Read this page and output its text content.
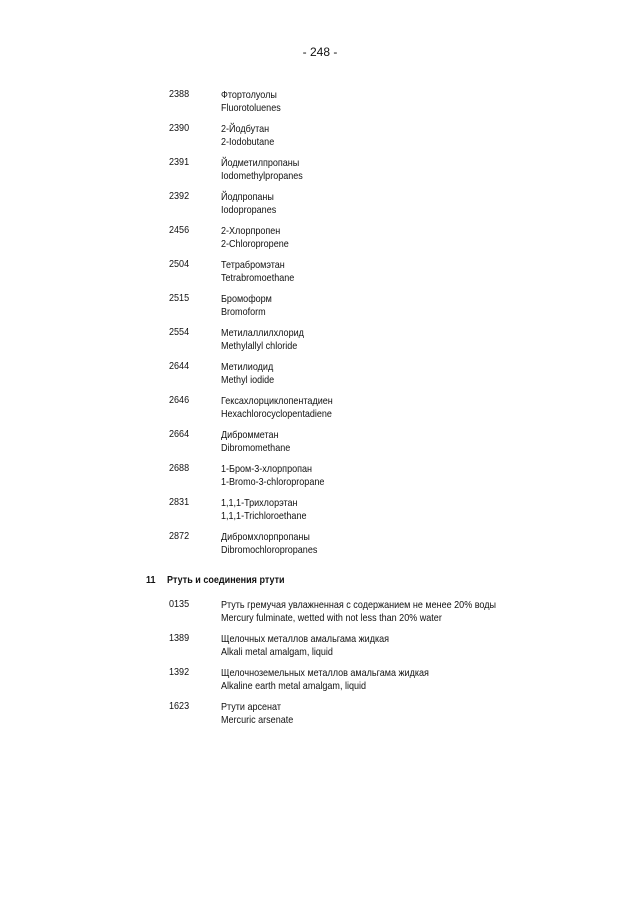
- 248 -
2388	Фтортолуолы
Fluorotoluenes
2390	2-Йодбутан
2-Iodobutane
2391	Йодметилпропаны
Iodomethylpropanes
2392	Йодпропаны
Iodopropanes
2456	2-Хлорпропен
2-Chloropropene
2504	Тетрабромэтан
Tetrabromoethane
2515	Бромоформ
Bromoform
2554	Метилаллилхлорид
Methylallyl chloride
2644	Метилиодид
Methyl iodide
2646	Гексахлорциклопентадиен
Hexachlorocyclopentadiene
2664	Дибромметан
Dibromomethane
2688	1-Бром-3-хлорпропан
1-Bromo-3-chloropropane
2831	1,1,1-Трихлорэтан
1,1,1-Trichloroethane
2872	Дибромхлорпропаны
Dibromochloropropanes
11 Ртуть и соединения ртути
0135	Ртуть гремучая увлажненная с содержанием не менее 20% воды
Mercury fulminate, wetted with not less than 20% water
1389	Щелочных металлов амальгама жидкая
Alkali metal amalgam, liquid
1392	Щелочноземельных металлов амальгама жидкая
Alkaline earth metal amalgam, liquid
1623	Ртути арсенат
Mercuric arsenate
